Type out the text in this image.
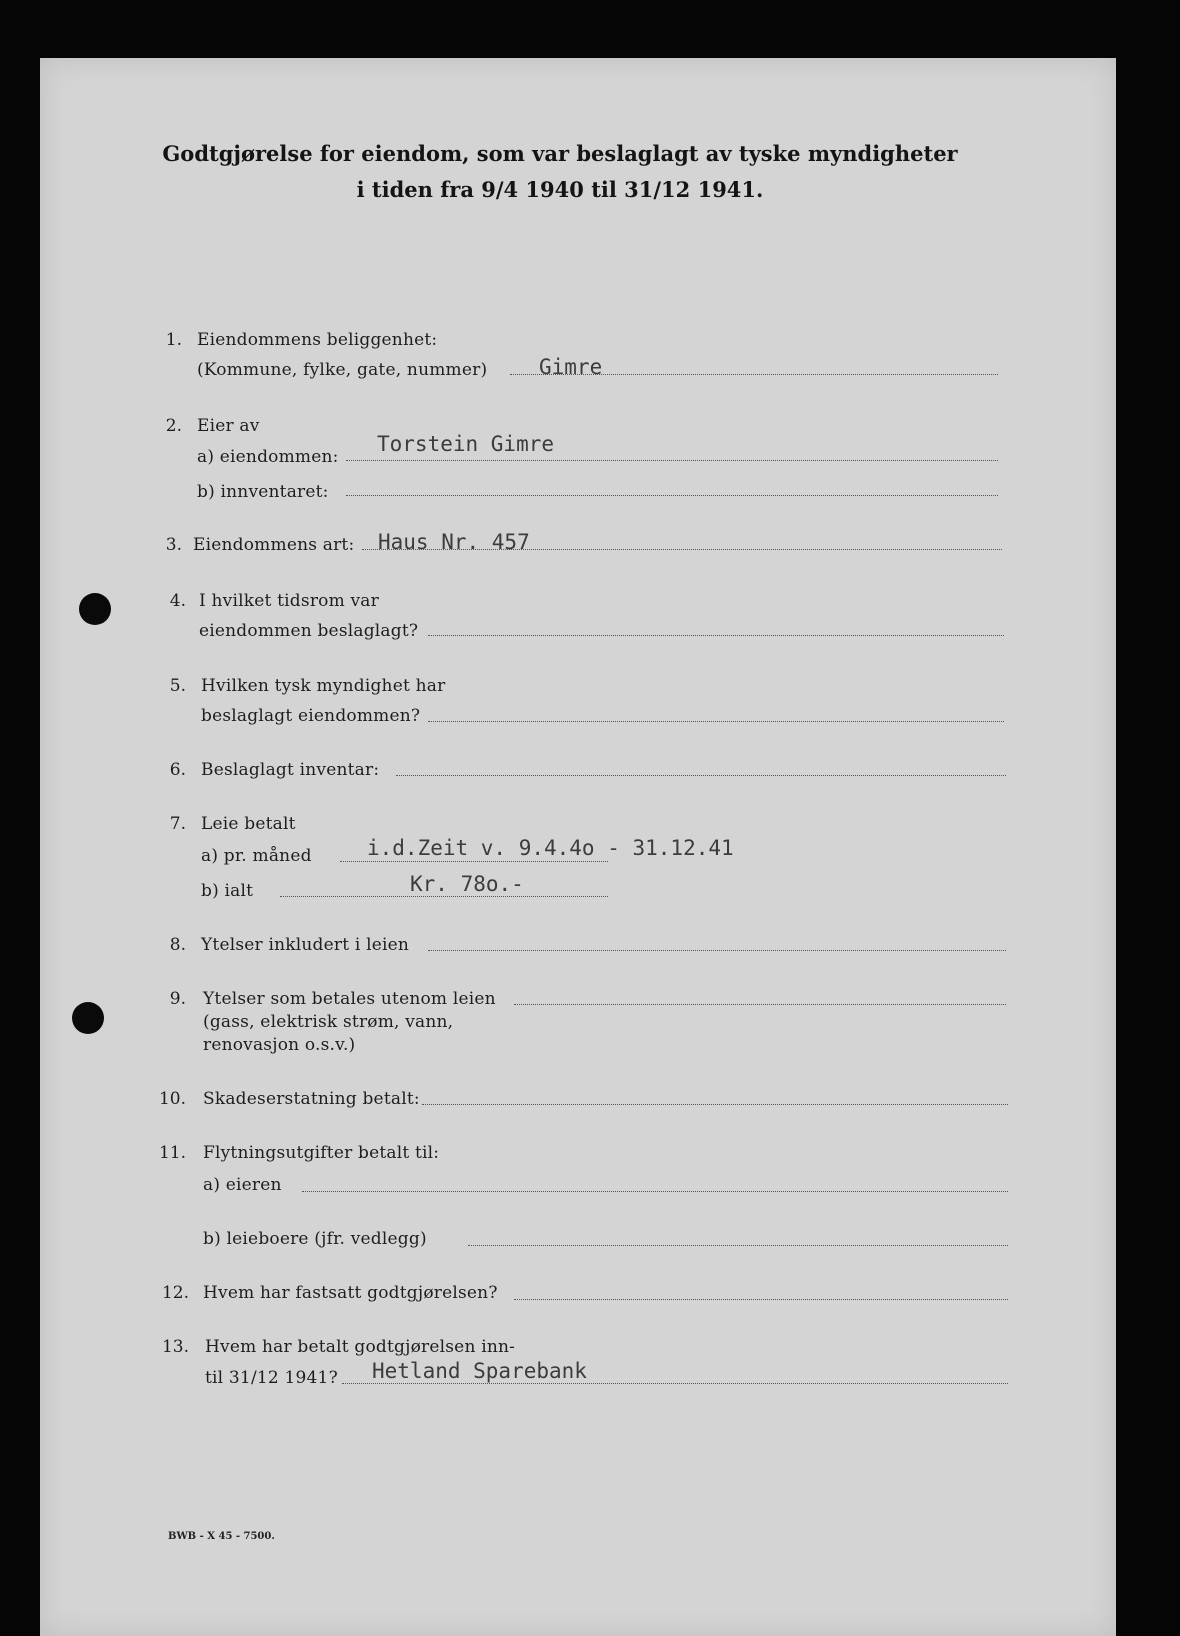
Godtgjørelse for eiendom, som var beslaglagt av tyske myndigheter
i tiden fra 9/4 1940 til 31/12 1941.
1. Eiendommens beliggenhet:
(Kommune, fylke, gate, nummer) Gimre
2. Eier av
a) eiendommen:
Torstein Gimre
b) innventaret:
3. Eiendommens art: Haus Nr. 457
4. I hvilket tidsrom var
eiendommen beslaglagt?
5. Hvilken tysk myndighet har
beslaglagt eiendommen?
6. Beslaglagt inventar:
7. Leie betalt
a) pr. måned	i.d.Zeit v. 9.4.4o - 31.12.41
b) ialt	Kr. 78o.-
8. Ytelser inkludert i leien
9. Ytelser som betales utenom leien
(gass, elektrisk strøm, vann,
renovasjon o.s.v.)
10. Skadeserstatning betalt:
11. Flytningsutgifter betalt til:
a) eieren
b) leieboere (jfr. vedlegg)
12. Hvem har fastsatt godtgjørelsen?
13. Hvem har betalt godtgjørelsen inn-
til 31/12 1941? Hetland Sparebank
BWB - X 45 - 7500.
